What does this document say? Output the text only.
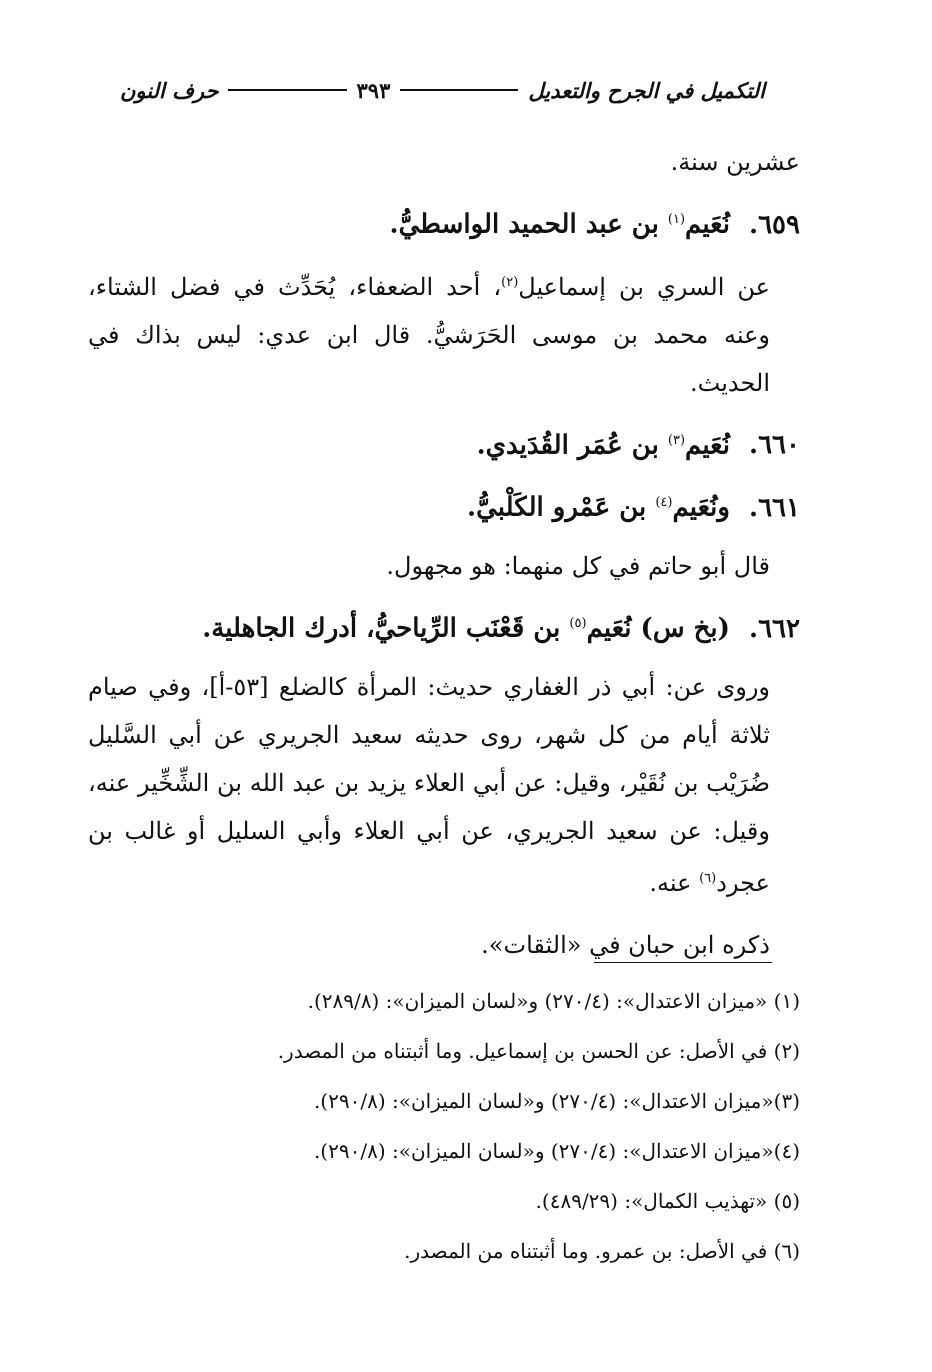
التكميل في الجرح والتعديل
٣٩٣
حرف النون

عشرين سنة.

٦٥٩. نُعَيم$^{(١)}$ بن عبد الحميد الواسطيُّ.

عن السري بن إسماعيل$^{(٢)}$، أحد الضعفاء، يُحَدِّث في فضل الشتاء، وعنه محمد بن موسى الحَرَشيُّ. قال ابن عدي: ليس بذاك في الحديث.

٦٦٠. نُعَيم$^{(٣)}$ بن عُمَر القُدَيدي.

٦٦١. ونُعَيم$^{(٤)}$ بن عَمْرو الكَلْبيُّ.

قال أبو حاتم في كل منهما: هو مجهول.

٦٦٢. (بخ س) نُعَيم$^{(٥)}$ بن قَعْنَب الرِّياحيُّ، أدرك الجاهلية.

وروى عن: أبي ذر الغفاري حديث: المرأة كالضلع [٥٣-أ]، وفي صيام ثلاثة أيام من كل شهر، روى حديثه سعيد الجريري عن أبي السَّليل ضُرَيْب بن نُقَيْر، وقيل: عن أبي العلاء يزيد بن عبد الله بن الشِّخِّير عنه، وقيل: عن سعيد الجريري، عن أبي العلاء وأبي السليل أو غالب بن عجرد$^{(٦)}$ عنه.

ذكره ابن حبان في «الثقات».

(١) «ميزان الاعتدال»: (٢٧٠/٤) و«لسان الميزان»: (٢٨٩/٨).

(٢) في الأصل: عن الحسن بن إسماعيل. وما أثبتناه من المصدر.

(٣)«ميزان الاعتدال»: (٢٧٠/٤) و«لسان الميزان»: (٢٩٠/٨).

(٤)«ميزان الاعتدال»: (٢٧٠/٤) و«لسان الميزان»: (٢٩٠/٨).

(٥) «تهذيب الكمال»: (٤٨٩/٢٩).

(٦) في الأصل: بن عمرو. وما أثبتناه من المصدر.
